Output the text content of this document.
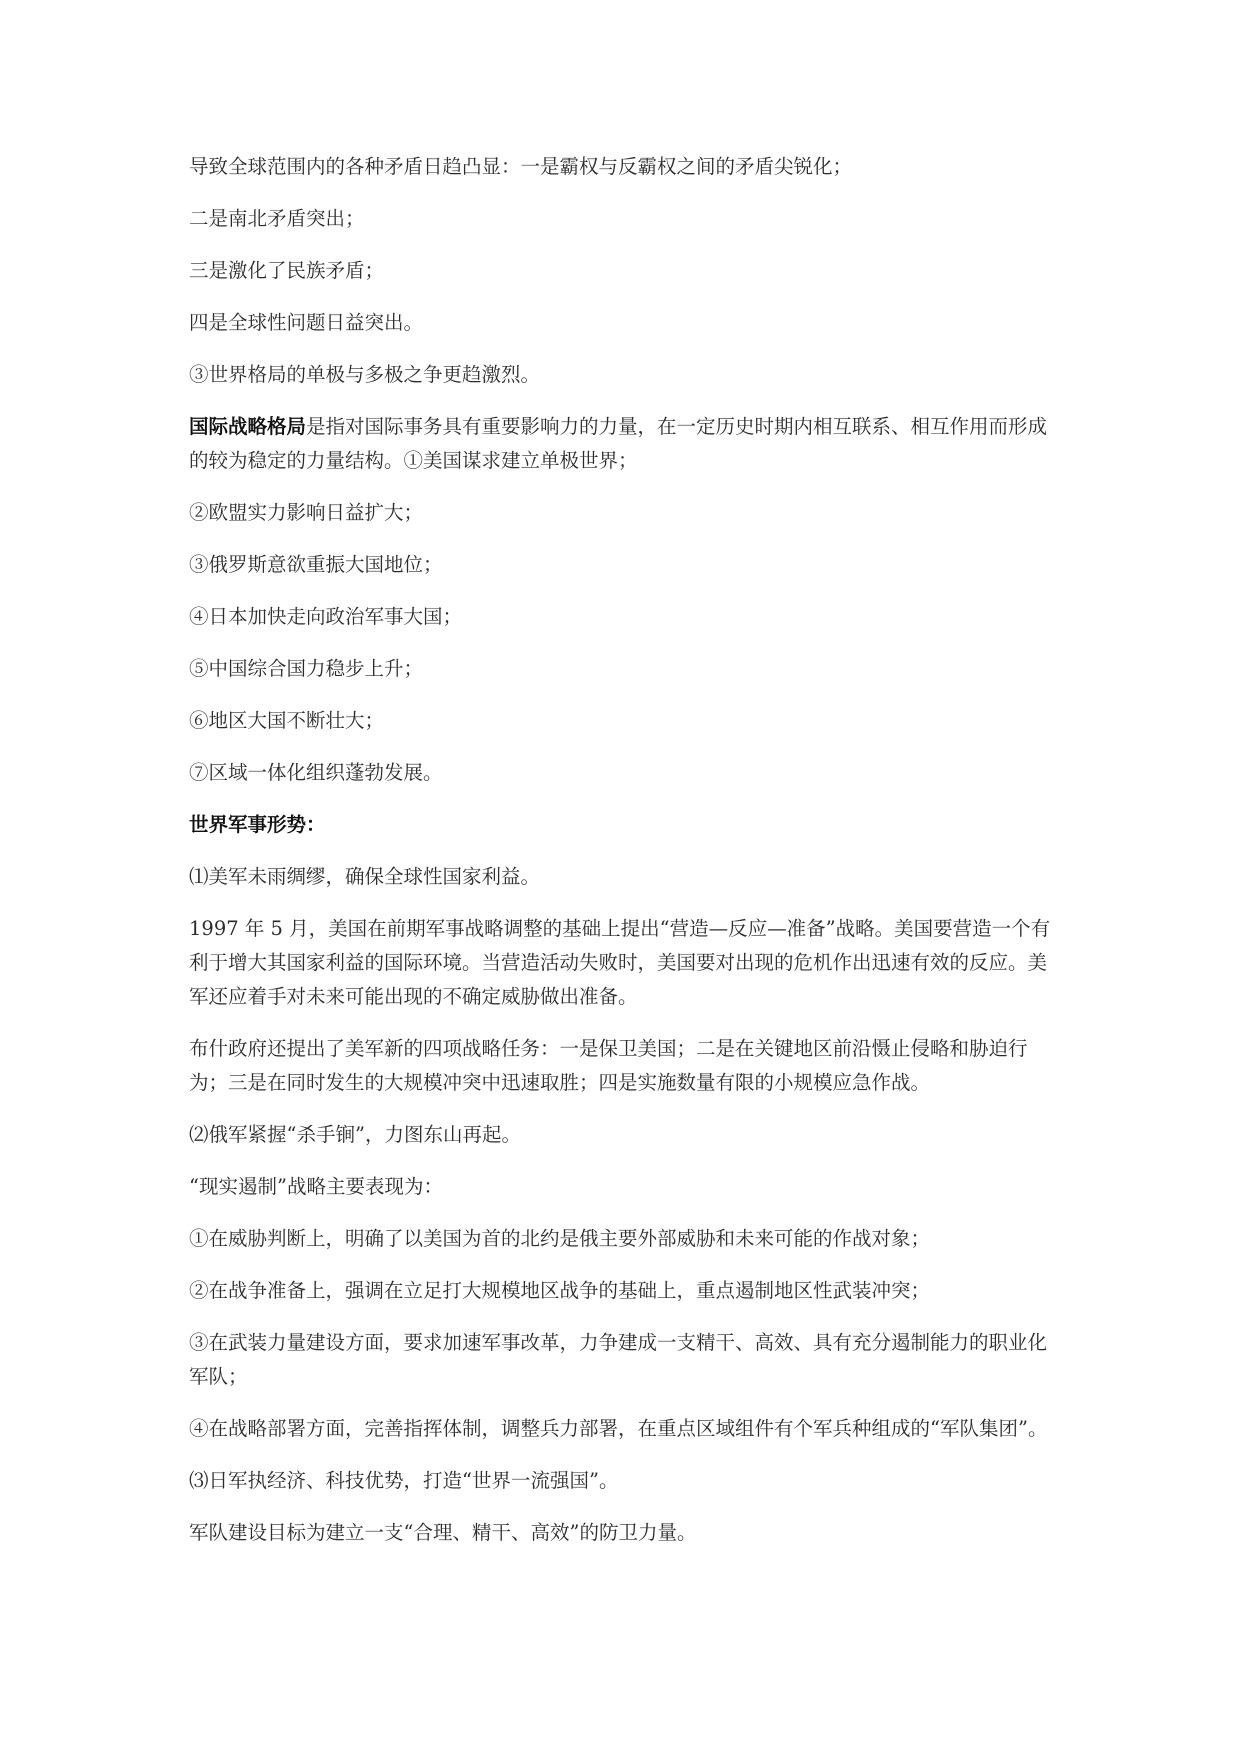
导致全球范围内的各种矛盾日趋凸显：一是霸权与反霸权之间的矛盾尖锐化；

二是南北矛盾突出；

三是激化了民族矛盾；

四是全球性问题日益突出。

③世界格局的单极与多极之争更趋激烈。

国际战略格局是指对国际事务具有重要影响力的力量，在一定历史时期内相互联系、相互作用而形成的较为稳定的力量结构。①美国谋求建立单极世界；

②欧盟实力影响日益扩大；

③俄罗斯意欲重振大国地位；

④日本加快走向政治军事大国；

⑤中国综合国力稳步上升；

⑥地区大国不断壮大；

⑦区域一体化组织蓬勃发展。

世界军事形势：

⑴美军未雨绸缪，确保全球性国家利益。

1997 年 5 月，美国在前期军事战略调整的基础上提出“营造—反应—准备”战略。美国要营造一个有利于增大其国家利益的国际环境。当营造活动失败时，美国要对出现的危机作出迅速有效的反应。美军还应着手对未来可能出现的不确定威胁做出准备。

布什政府还提出了美军新的四项战略任务：一是保卫美国；二是在关键地区前沿慑止侵略和胁迫行为；三是在同时发生的大规模冲突中迅速取胜；四是实施数量有限的小规模应急作战。

⑵俄军紧握“杀手锏”，力图东山再起。

“现实遏制”战略主要表现为：

①在威胁判断上，明确了以美国为首的北约是俄主要外部威胁和未来可能的作战对象；

②在战争准备上，强调在立足打大规模地区战争的基础上，重点遏制地区性武装冲突；

③在武装力量建设方面，要求加速军事改革，力争建成一支精干、高效、具有充分遏制能力的职业化军队；

④在战略部署方面，完善指挥体制，调整兵力部署，在重点区域组件有个军兵种组成的“军队集团”。

⑶日军执经济、科技优势，打造“世界一流强国”。

军队建设目标为建立一支“合理、精干、高效”的防卫力量。
